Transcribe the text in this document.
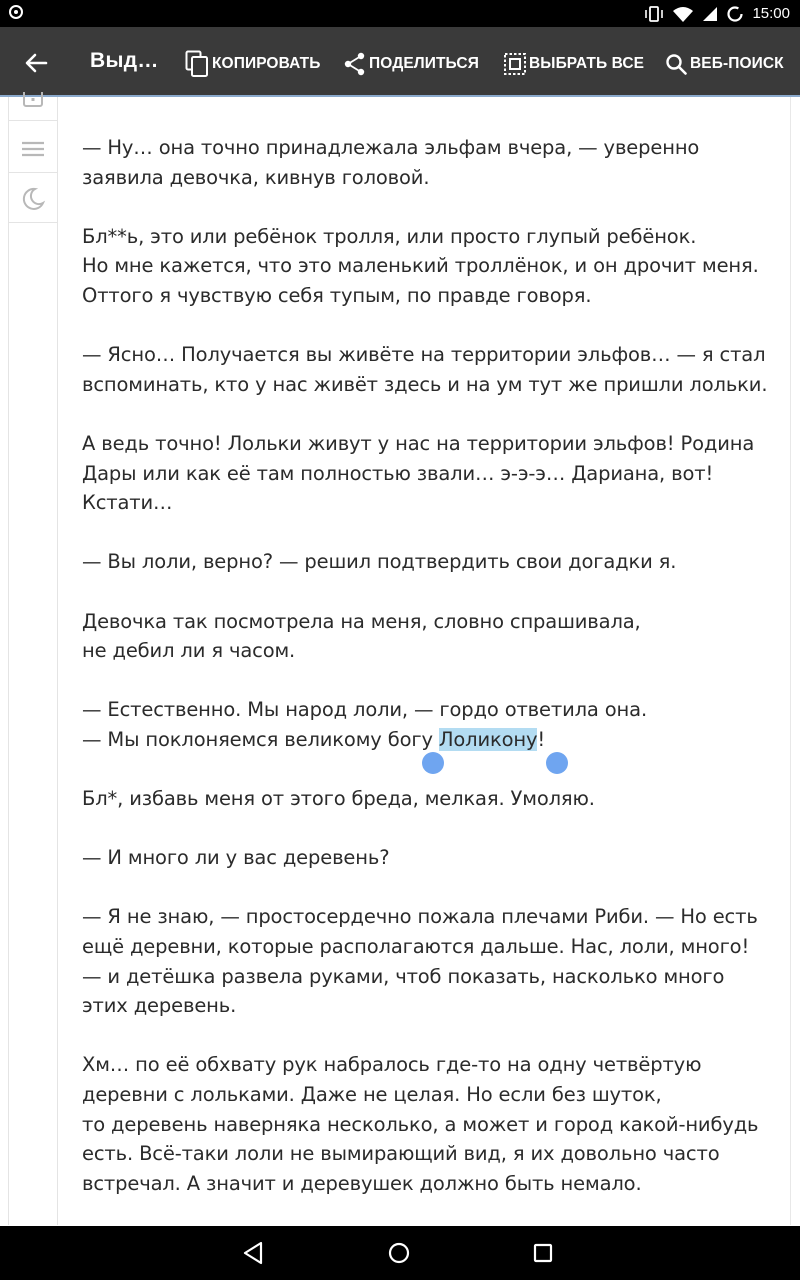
15:00
Выд…	КОПИРОВАТЬ	ПОДЕЛИТЬСЯ	ВЫБРАТЬ ВСЕ	ВЕБ-ПОИСК

— Ну… она точно принадлежала эльфам вчера, — уверенно
заявила девочка, кивнув головой.

Бл**ь, это или ребёнок тролля, или просто глупый ребёнок.
Но мне кажется, что это маленький троллёнок, и он дрочит меня.
Оттого я чувствую себя тупым, по правде говоря.

— Ясно… Получается вы живёте на территории эльфов… — я стал
вспоминать, кто у нас живёт здесь и на ум тут же пришли лольки.

А ведь точно! Лольки живут у нас на территории эльфов! Родина
Дары или как её там полностью звали… э-э-э… Дариана, вот!
Кстати…

— Вы лоли, верно? — решил подтвердить свои догадки я.

Девочка так посмотрела на меня, словно спрашивала,
не дебил ли я часом.

— Естественно. Мы народ лоли, — гордо ответила она.
— Мы поклоняемся великому богу Лоликону!

Бл*, избавь меня от этого бреда, мелкая. Умоляю.

— И много ли у вас деревень?

— Я не знаю, — простосердечно пожала плечами Риби. — Но есть
ещё деревни, которые располагаются дальше. Нас, лоли, много!
— и детёшка развела руками, чтоб показать, насколько много
этих деревень.

Хм… по её обхвату рук набралось где-то на одну четвёртую
деревни с лольками. Даже не целая. Но если без шуток,
то деревень наверняка несколько, а может и город какой-нибудь
есть. Всё-таки лоли не вымирающий вид, я их довольно часто
встречал. А значит и деревушек должно быть немало.
